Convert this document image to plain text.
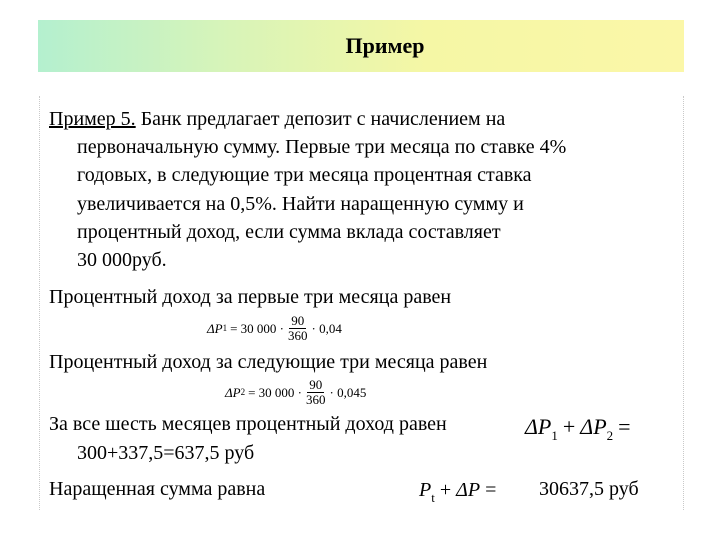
Пример
Пример 5. Банк предлагает депозит с начислением на
первоначальную сумму. Первые три месяца по ставке 4%
годовых, в следующие три месяца процентная ставка
увеличивается на 0,5%. Найти наращенную сумму и
процентный доход, если сумма вклада составляет
30 000руб.
Процентный доход за первые три месяца равен
ΔP 1 = 30 $000 \cdot \frac{90}{360} \cdot 0,04$
Процентный доход за следующие три месяца равен
ΔP 2 = 30 $000 \cdot \frac{90}{360} \cdot 0,045$
За все шесть месяцев процентный доход равен	$\Delta P_1 + \Delta P_2$ =
300+337,5=637,5 руб
Наращенная сумма равна	$P_t + \Delta P = 30637,5$ руб
